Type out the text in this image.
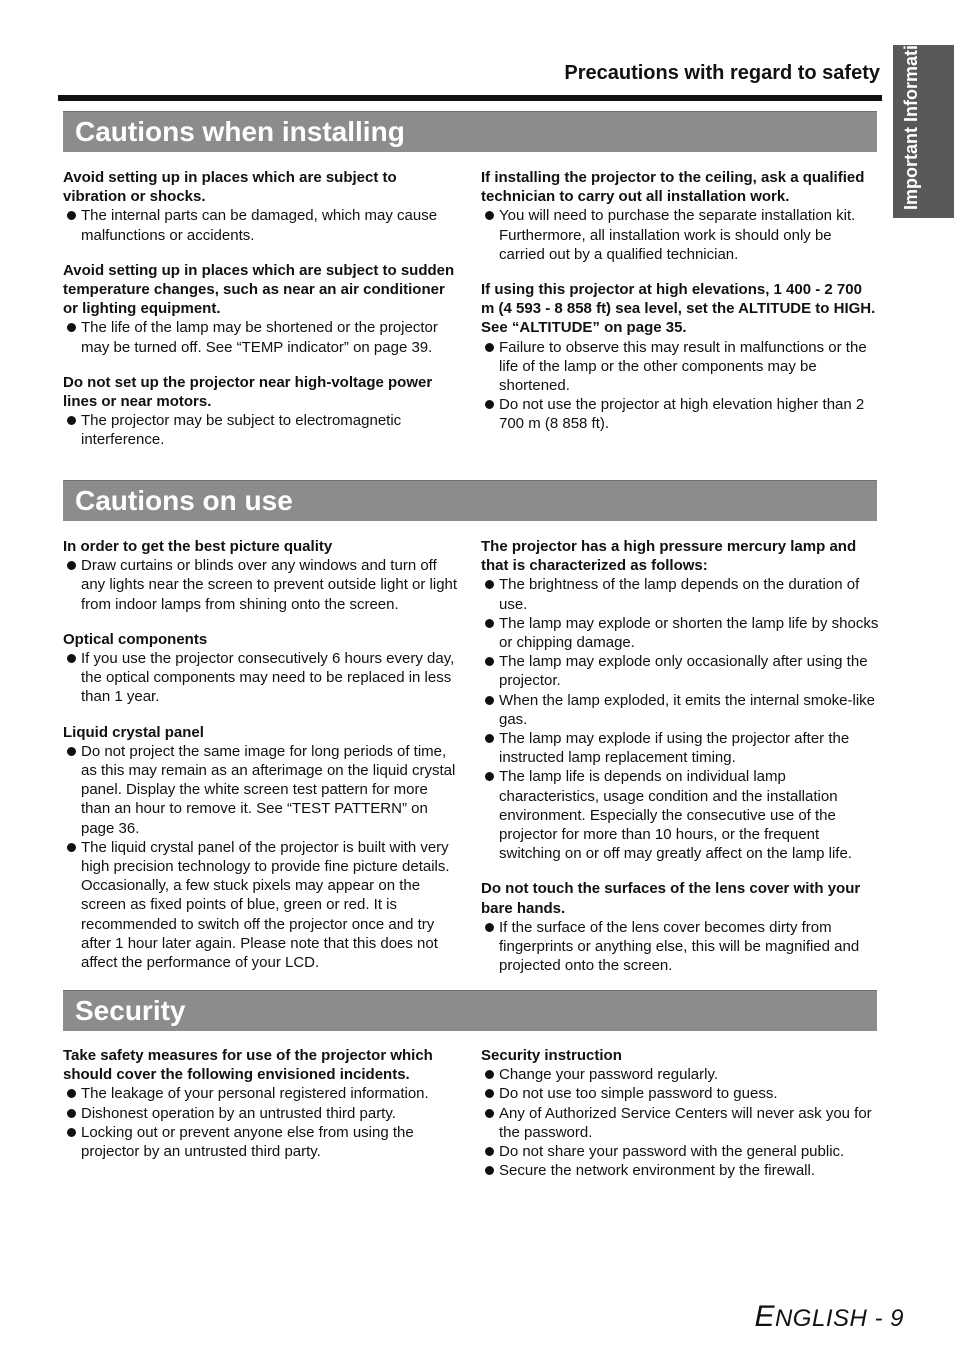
Important Information
Precautions with regard to safety
Cautions when installing
Avoid setting up in places which are subject to vibration or shocks.
The internal parts can be damaged, which may cause malfunctions or accidents.
Avoid setting up in places which are subject to sudden temperature changes, such as near an air conditioner or lighting equipment.
The life of the lamp may be shortened or the projector may be turned off. See “TEMP indicator” on page 39.
Do not set up the projector near high-voltage power lines or near motors.
The projector may be subject to electromagnetic interference.
If installing the projector to the ceiling, ask a qualified technician to carry out all installation work.
You will need to purchase the separate installation kit. Furthermore, all installation work is should only be carried out by a qualified technician.
If using this projector at high elevations, 1 400 - 2 700 m (4 593 - 8 858 ft) sea level, set the ALTITUDE to HIGH. See “ALTITUDE” on page 35.
Failure to observe this may result in malfunctions or the life of the lamp or the other components may be shortened.
Do not use the projector at high elevation higher than 2 700 m (8 858 ft).
Cautions on use
In order to get the best picture quality
Draw curtains or blinds over any windows and turn off any lights near the screen to prevent outside light or light from indoor lamps from shining onto the screen.
Optical components
If you use the projector consecutively 6 hours every day, the optical components may need to be replaced in less than 1 year.
Liquid crystal panel
Do not project the same image for long periods of time, as this may remain as an afterimage on the liquid crystal panel. Display the white screen test pattern for more than an hour to remove it. See “TEST PATTERN” on page 36.
The liquid crystal panel of the projector is built with very high precision technology to provide fine picture details. Occasionally, a few stuck pixels may appear on the screen as fixed points of blue, green or red. It is recommended to switch off the projector once and try after 1 hour later again. Please note that this does not affect the performance of your LCD.
The projector has a high pressure mercury lamp and that is characterized as follows:
The brightness of the lamp depends on the duration of use.
The lamp may explode or shorten the lamp life by shocks or chipping damage.
The lamp may explode only occasionally after using the projector.
When the lamp exploded, it emits the internal smoke-like gas.
The lamp may explode if using the projector after the instructed lamp replacement timing.
The lamp life is depends on individual lamp characteristics, usage condition and the installation environment. Especially the consecutive use of the projector for more than 10 hours, or the frequent switching on or off may greatly affect on the lamp life.
Do not touch the surfaces of the lens cover with your bare hands.
If the surface of the lens cover becomes dirty from fingerprints or anything else, this will be magnified and projected onto the screen.
Security
Take safety measures for use of the projector which should cover the following envisioned incidents.
The leakage of your personal registered information.
Dishonest operation by an untrusted third party.
Locking out or prevent anyone else from using the projector by an untrusted third party.
Security instruction
Change your password regularly.
Do not use too simple password to guess.
Any of Authorized Service Centers will never ask you for the password.
Do not share your password with the general public.
Secure the network environment by the firewall.
ENGLISH - 9
